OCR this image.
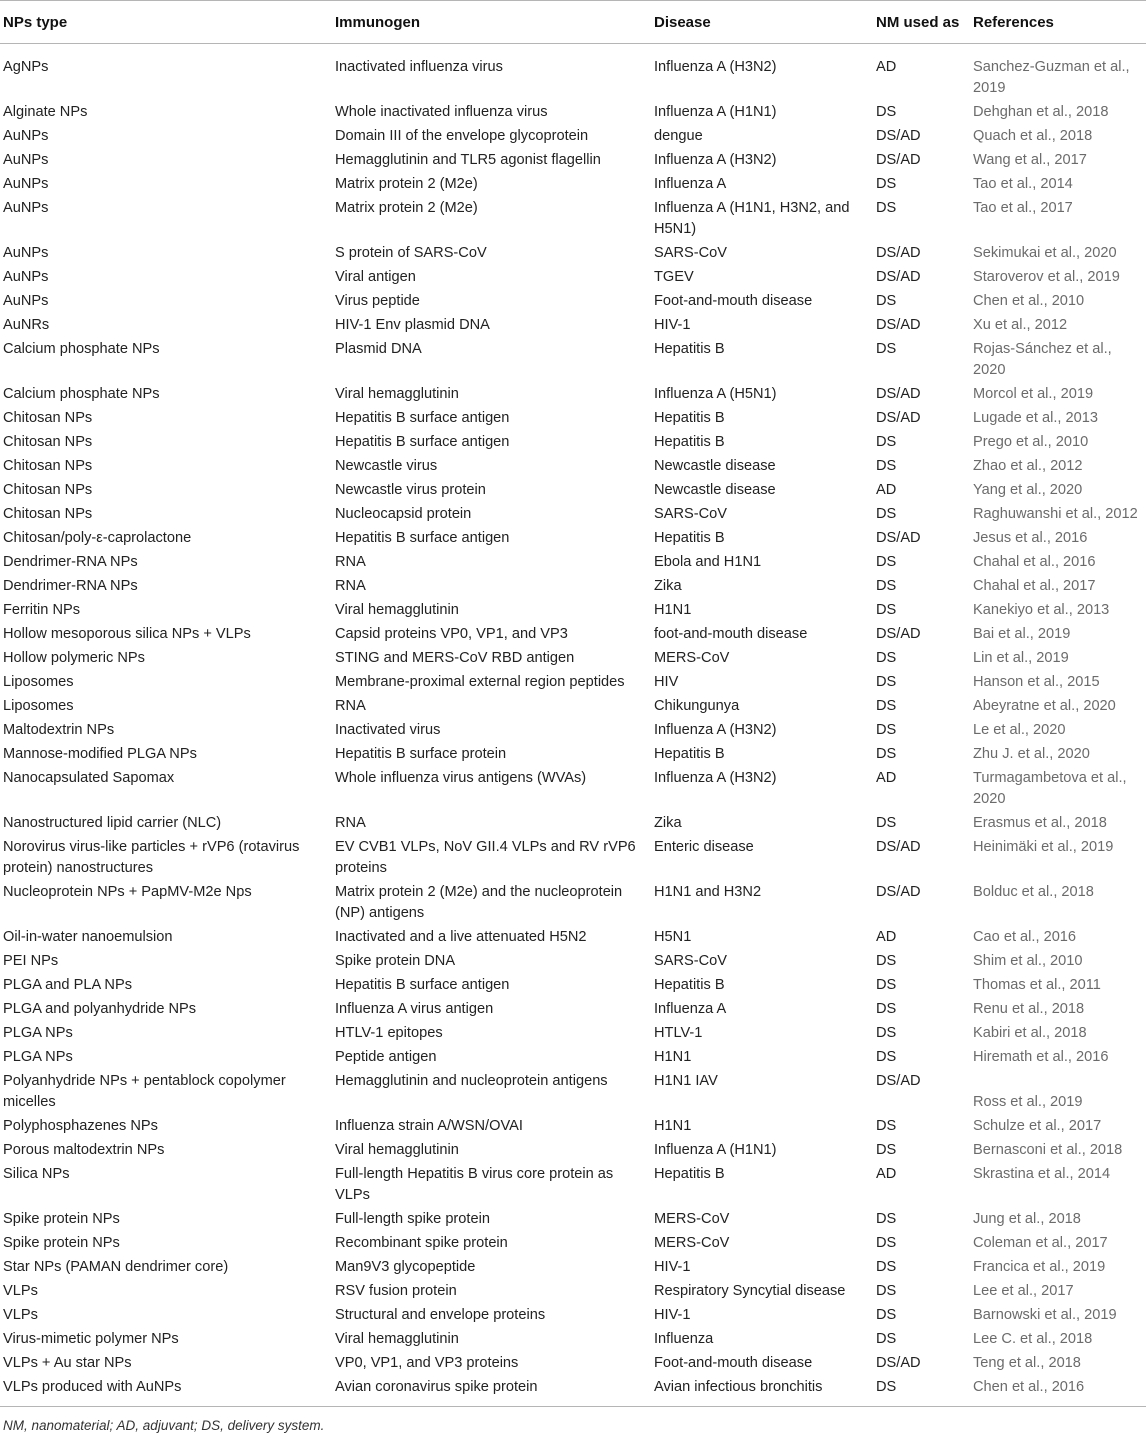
NPs type	Immunogen	Disease	NM used as	References
AgNPs	Inactivated influenza virus	Influenza A (H3N2)	AD	Sanchez-Guzman et al., 2019
Alginate NPs	Whole inactivated influenza virus	Influenza A (H1N1)	DS	Dehghan et al., 2018
AuNPs	Domain III of the envelope glycoprotein	dengue	DS/AD	Quach et al., 2018
AuNPs	Hemagglutinin and TLR5 agonist flagellin	Influenza A (H3N2)	DS/AD	Wang et al., 2017
AuNPs	Matrix protein 2 (M2e)	Influenza A	DS	Tao et al., 2014
AuNPs	Matrix protein 2 (M2e)	Influenza A (H1N1, H3N2, and H5N1)	DS	Tao et al., 2017
AuNPs	S protein of SARS-CoV	SARS-CoV	DS/AD	Sekimukai et al., 2020
AuNPs	Viral antigen	TGEV	DS/AD	Staroverov et al., 2019
AuNPs	Virus peptide	Foot-and-mouth disease	DS	Chen et al., 2010
AuNRs	HIV-1 Env plasmid DNA	HIV-1	DS/AD	Xu et al., 2012
Calcium phosphate NPs	Plasmid DNA	Hepatitis B	DS	Rojas-Sánchez et al., 2020
Calcium phosphate NPs	Viral hemagglutinin	Influenza A (H5N1)	DS/AD	Morcol et al., 2019
Chitosan NPs	Hepatitis B surface antigen	Hepatitis B	DS/AD	Lugade et al., 2013
Chitosan NPs	Hepatitis B surface antigen	Hepatitis B	DS	Prego et al., 2010
Chitosan NPs	Newcastle virus	Newcastle disease	DS	Zhao et al., 2012
Chitosan NPs	Newcastle virus protein	Newcastle disease	AD	Yang et al., 2020
Chitosan NPs	Nucleocapsid protein	SARS-CoV	DS	Raghuwanshi et al., 2012
Chitosan/poly-ε-caprolactone	Hepatitis B surface antigen	Hepatitis B	DS/AD	Jesus et al., 2016
Dendrimer-RNA NPs	RNA	Ebola and H1N1	DS	Chahal et al., 2016
Dendrimer-RNA NPs	RNA	Zika	DS	Chahal et al., 2017
Ferritin NPs	Viral hemagglutinin	H1N1	DS	Kanekiyo et al., 2013
Hollow mesoporous silica NPs + VLPs	Capsid proteins VP0, VP1, and VP3	foot-and-mouth disease	DS/AD	Bai et al., 2019
Hollow polymeric NPs	STING and MERS-CoV RBD antigen	MERS-CoV	DS	Lin et al., 2019
Liposomes	Membrane-proximal external region peptides	HIV	DS	Hanson et al., 2015
Liposomes	RNA	Chikungunya	DS	Abeyratne et al., 2020
Maltodextrin NPs	Inactivated virus	Influenza A (H3N2)	DS	Le et al., 2020
Mannose-modified PLGA NPs	Hepatitis B surface protein	Hepatitis B	DS	Zhu J. et al., 2020
Nanocapsulated Sapomax	Whole influenza virus antigens (WVAs)	Influenza A (H3N2)	AD	Turmagambetova et al., 2020
Nanostructured lipid carrier (NLC)	RNA	Zika	DS	Erasmus et al., 2018
Norovirus virus-like particles + rVP6 (rotavirus protein) nanostructures	EV CVB1 VLPs, NoV GII.4 VLPs and RV rVP6 proteins	Enteric disease	DS/AD	Heinimäki et al., 2019
Nucleoprotein NPs + PapMV-M2e Nps	Matrix protein 2 (M2e) and the nucleoprotein (NP) antigens	H1N1 and H3N2	DS/AD	Bolduc et al., 2018
Oil-in-water nanoemulsion	Inactivated and a live attenuated H5N2	H5N1	AD	Cao et al., 2016
PEI NPs	Spike protein DNA	SARS-CoV	DS	Shim et al., 2010
PLGA and PLA NPs	Hepatitis B surface antigen	Hepatitis B	DS	Thomas et al., 2011
PLGA and polyanhydride NPs	Influenza A virus antigen	Influenza A	DS	Renu et al., 2018
PLGA NPs	HTLV-1 epitopes	HTLV-1	DS	Kabiri et al., 2018
PLGA NPs	Peptide antigen	H1N1	DS	Hiremath et al., 2016
Polyanhydride NPs + pentablock copolymer micelles	Hemagglutinin and nucleoprotein antigens	H1N1 IAV	DS/AD	Ross et al., 2019
Polyphosphazenes NPs	Influenza strain A/WSN/OVAI	H1N1	DS	Schulze et al., 2017
Porous maltodextrin NPs	Viral hemagglutinin	Influenza A (H1N1)	DS	Bernasconi et al., 2018
Silica NPs	Full-length Hepatitis B virus core protein as VLPs	Hepatitis B	AD	Skrastina et al., 2014
Spike protein NPs	Full-length spike protein	MERS-CoV	DS	Jung et al., 2018
Spike protein NPs	Recombinant spike protein	MERS-CoV	DS	Coleman et al., 2017
Star NPs (PAMAN dendrimer core)	Man9V3 glycopeptide	HIV-1	DS	Francica et al., 2019
VLPs	RSV fusion protein	Respiratory Syncytial disease	DS	Lee et al., 2017
VLPs	Structural and envelope proteins	HIV-1	DS	Barnowski et al., 2019
Virus-mimetic polymer NPs	Viral hemagglutinin	Influenza	DS	Lee C. et al., 2018
VLPs + Au star NPs	VP0, VP1, and VP3 proteins	Foot-and-mouth disease	DS/AD	Teng et al., 2018
VLPs produced with AuNPs	Avian coronavirus spike protein	Avian infectious bronchitis	DS	Chen et al., 2016
NM, nanomaterial; AD, adjuvant; DS, delivery system.
